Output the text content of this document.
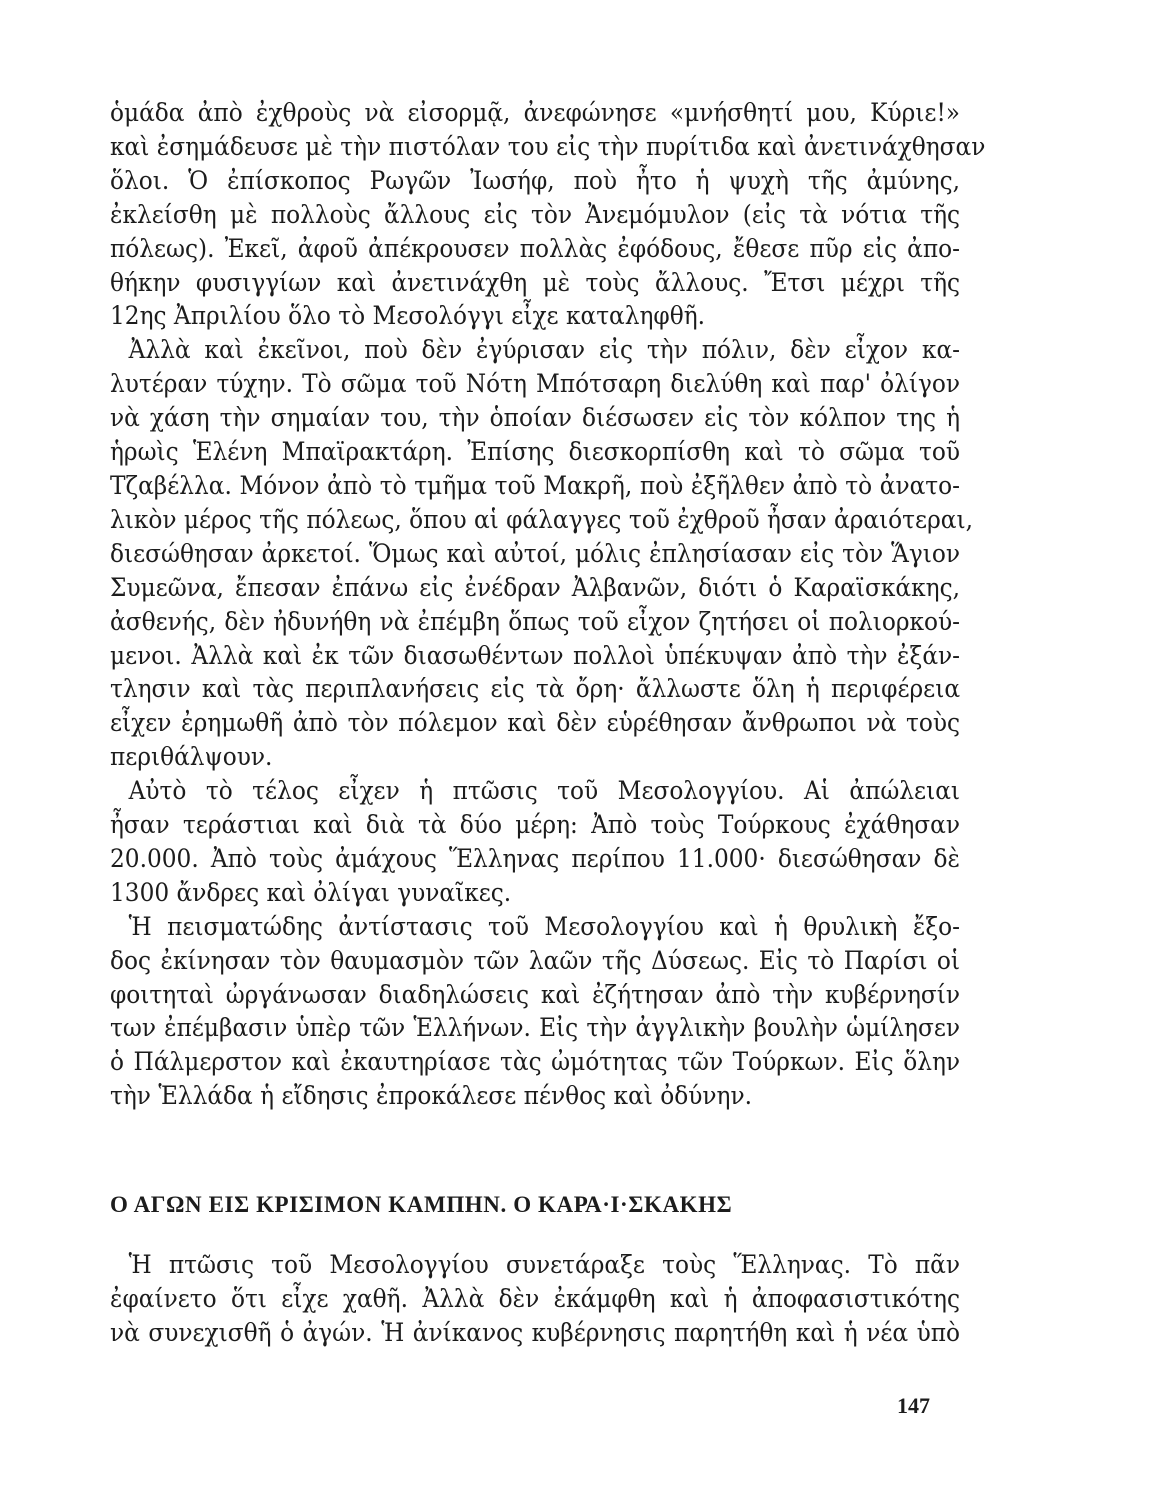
ὁμάδα ἀπὸ ἐχθροὺς νὰ εἰσορμᾷ, ἀνεφώνησε «μνήσθητί μου, Κύριε!»
καὶ ἐσημάδευσε μὲ τὴν πιστόλαν του εἰς τὴν πυρίτιδα καὶ ἀνετινάχθησαν
ὅλοι. Ὁ ἐπίσκοπος Ρωγῶν Ἰωσήφ, ποὺ ἦτο ἡ ψυχὴ τῆς ἀμύνης,
ἐκλείσθη μὲ πολλοὺς ἄλλους εἰς τὸν Ἀνεμόμυλον (εἰς τὰ νότια τῆς
πόλεως). Ἐκεῖ, ἀφοῦ ἀπέκρουσεν πολλὰς ἐφόδους, ἔθεσε πῦρ εἰς ἀπο-
θήκην φυσιγγίων καὶ ἀνετινάχθη μὲ τοὺς ἄλλους. Ἔτσι μέχρι τῆς
12ης Ἀπριλίου ὅλο τὸ Μεσολόγγι εἶχε καταληφθῆ.
Ἀλλὰ καὶ ἐκεῖνοι, ποὺ δὲν ἐγύρισαν εἰς τὴν πόλιν, δὲν εἶχον κα-
λυτέραν τύχην. Τὸ σῶμα τοῦ Νότη Μπότσαρη διελύθη καὶ παρ' ὀλίγον
νὰ χάση τὴν σημαίαν του, τὴν ὁποίαν διέσωσεν εἰς τὸν κόλπον της ἡ
ἡρωὶς Ἑλένη Μπαϊρακτάρη. Ἐπίσης διεσκορπίσθη καὶ τὸ σῶμα τοῦ
Τζαβέλλα. Μόνον ἀπὸ τὸ τμῆμα τοῦ Μακρῆ, ποὺ ἐξῆλθεν ἀπὸ τὸ ἀνατο-
λικὸν μέρος τῆς πόλεως, ὅπου αἱ φάλαγγες τοῦ ἐχθροῦ ἦσαν ἀραιότεραι,
διεσώθησαν ἀρκετοί. Ὅμως καὶ αὐτοί, μόλις ἐπλησίασαν εἰς τὸν Ἅγιον
Συμεῶνα, ἔπεσαν ἐπάνω εἰς ἐνέδραν Ἀλβανῶν, διότι ὁ Καραϊσκάκης,
ἀσθενής, δὲν ἠδυνήθη νὰ ἐπέμβη ὅπως τοῦ εἶχον ζητήσει οἱ πολιορκού-
μενοι. Ἀλλὰ καὶ ἐκ τῶν διασωθέντων πολλοὶ ὑπέκυψαν ἀπὸ τὴν ἐξάν-
τλησιν καὶ τὰς περιπλανήσεις εἰς τὰ ὄρη· ἄλλωστε ὅλη ἡ περιφέρεια
εἶχεν ἐρημωθῆ ἀπὸ τὸν πόλεμον καὶ δὲν εὑρέθησαν ἄνθρωποι νὰ τοὺς
περιθάλψουν.
Αὐτὸ τὸ τέλος εἶχεν ἡ πτῶσις τοῦ Μεσολογγίου. Αἱ ἀπώλειαι
ἦσαν τεράστιαι καὶ διὰ τὰ δύο μέρη: Ἀπὸ τοὺς Τούρκους ἐχάθησαν
20.000. Ἀπὸ τοὺς ἀμάχους Ἕλληνας περίπου 11.000· διεσώθησαν δὲ
1300 ἄνδρες καὶ ὀλίγαι γυναῖκες.
Ἡ πεισματώδης ἀντίστασις τοῦ Μεσολογγίου καὶ ἡ θρυλικὴ ἔξο-
δος ἐκίνησαν τὸν θαυμασμὸν τῶν λαῶν τῆς Δύσεως. Εἰς τὸ Παρίσι οἱ
φοιτηταὶ ὠργάνωσαν διαδηλώσεις καὶ ἐζήτησαν ἀπὸ τὴν κυβέρνησίν
των ἐπέμβασιν ὑπὲρ τῶν Ἑλλήνων. Εἰς τὴν ἀγγλικὴν βουλὴν ὡμίλησεν
ὁ Πάλμερστον καὶ ἐκαυτηρίασε τὰς ὠμότητας τῶν Τούρκων. Εἰς ὅλην
τὴν Ἑλλάδα ἡ εἴδησις ἐπροκάλεσε πένθος καὶ ὀδύνην.
Ο ΑΓΩΝ ΕΙΣ ΚΡΙΣΙΜΟΝ ΚΑΜΠΗΝ. Ο ΚΑΡΑ·Ι·ΣΚΑΚΗΣ
Ἡ πτῶσις τοῦ Μεσολογγίου συνετάραξε τοὺς Ἕλληνας. Τὸ πᾶν
ἐφαίνετο ὅτι εἶχε χαθῆ. Ἀλλὰ δὲν ἐκάμφθη καὶ ἡ ἀποφασιστικότης
νὰ συνεχισθῆ ὁ ἀγών. Ἡ ἀνίκανος κυβέρνησις παρητήθη καὶ ἡ νέα ὑπὸ
147
